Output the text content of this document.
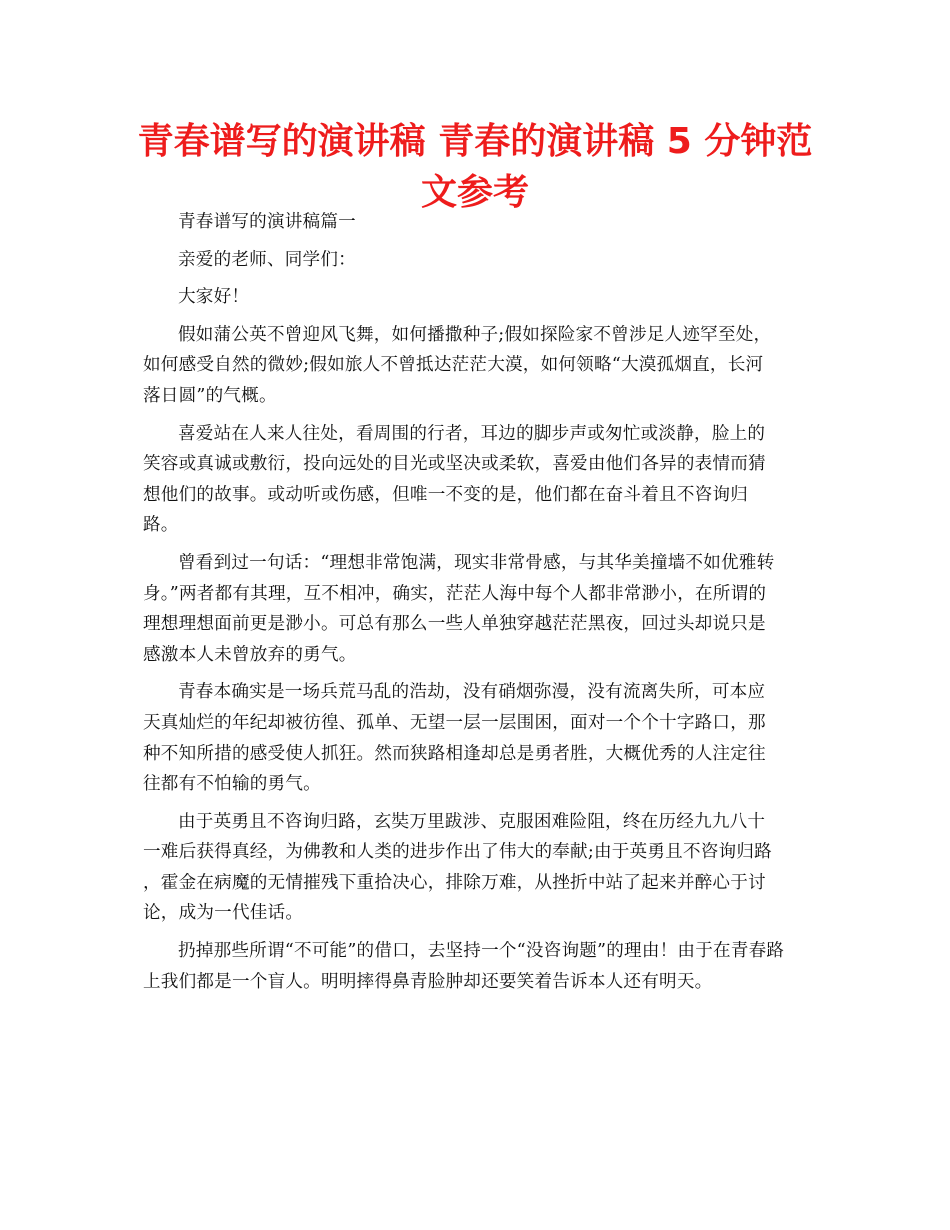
青春谱写的演讲稿 青春的演讲稿 5 分钟范
文参考

青春谱写的演讲稿篇一

亲爱的老师、同学们：

大家好！

假如蒲公英不曾迎风飞舞，如何播撒种子;假如探险家不曾涉足人迹罕至处，

如何感受自然的微妙;假如旅人不曾抵达茫茫大漠，如何领略“大漠孤烟直，长河

落日圆”的气概。

喜爱站在人来人往处，看周围的行者，耳边的脚步声或匆忙或淡静，脸上的

笑容或真诚或敷衍，投向远处的目光或坚决或柔软，喜爱由他们各异的表情而猜

想他们的故事。或动听或伤感，但唯一不变的是，他们都在奋斗着且不咨询归

路。

曾看到过一句话：“理想非常饱满，现实非常骨感，与其华美撞墙不如优雅转

身。”两者都有其理，互不相冲，确实，茫茫人海中每个人都非常渺小，在所谓的

理想理想面前更是渺小。可总有那么一些人单独穿越茫茫黑夜，回过头却说只是

感激本人未曾放弃的勇气。

青春本确实是一场兵荒马乱的浩劫，没有硝烟弥漫，没有流离失所，可本应

天真灿烂的年纪却被彷徨、孤单、无望一层一层围困，面对一个个十字路口，那

种不知所措的感受使人抓狂。然而狭路相逢却总是勇者胜，大概优秀的人注定往

往都有不怕输的勇气。

由于英勇且不咨询归路，玄奘万里跋涉、克服困难险阻，终在历经九九八十

一难后获得真经，为佛教和人类的进步作出了伟大的奉献;由于英勇且不咨询归路

，霍金在病魔的无情摧残下重拾决心，排除万难，从挫折中站了起来并醉心于讨

论，成为一代佳话。

扔掉那些所谓“不可能”的借口，去坚持一个“没咨询题”的理由！由于在青春路

上我们都是一个盲人。明明摔得鼻青脸肿却还要笑着告诉本人还有明天。
